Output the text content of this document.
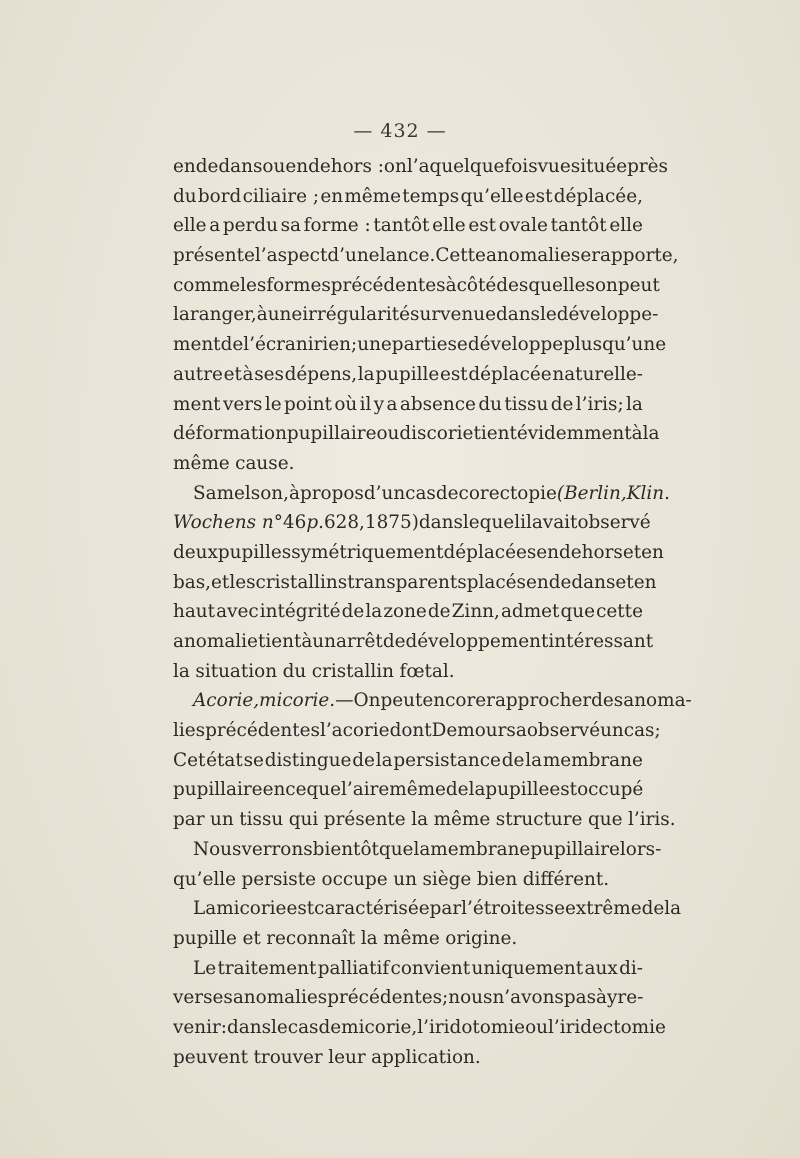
— 432 —
en dedans ou en dehors : on l’a quelquefois vue située près
du bord ciliaire ; en même temps qu’elle est déplacée,
elle a perdu sa forme : tantôt elle est ovale tantôt elle
présente l’aspect d’une lance. Cette anomalie se rapporte,
comme les formes précédentes à côté desquelles on peut
la ranger, à une irrégularité survenue dans le développe-
ment de l’écran irien; une partie se développe plus qu’une
autre et à ses dépens, la pupille est déplacée naturelle-
ment vers le point où il y a absence du tissu de l’iris; la
déformation pupillaire ou discorie tient évidemment à la
même cause.
Samelson, à propos d’un cas de corectopie (Berlin, Klin.
Wochens n° 46 p. 628, 1875) dans lequel il avait observé
deux pupilles symétriquement déplacées en dehors et en
bas, et les cristallins transparents placés en dedans et en
haut avec intégrité de la zone de Zinn, admet que cette
anomalie tient à un arrêt de développement intéressant
la situation du cristallin fœtal.
Acorie,micorie. —On peut encore rapprocher des anoma-
lies précédentes l’acorie dont Demours a observé un cas;
Cet état se distingue de la persistance de la membrane
pupillaire en ce que l’aire même de la pupille est occupé
par un tissu qui présente la même structure que l’iris.
Nous verrons bientôt que la membrane pupillaire lors-
qu’elle persiste occupe un siège bien différent.
La micorie est caractérisée par l’étroitesse extrême de la
pupille et reconnaît la même origine.
Le traitement palliatif convient uniquement aux di-
verses anomalies précédentes; nous n’avons pas à y re-
venir: dans le cas de micorie, l’iridotomie ou l’iridectomie
peuvent trouver leur application.
